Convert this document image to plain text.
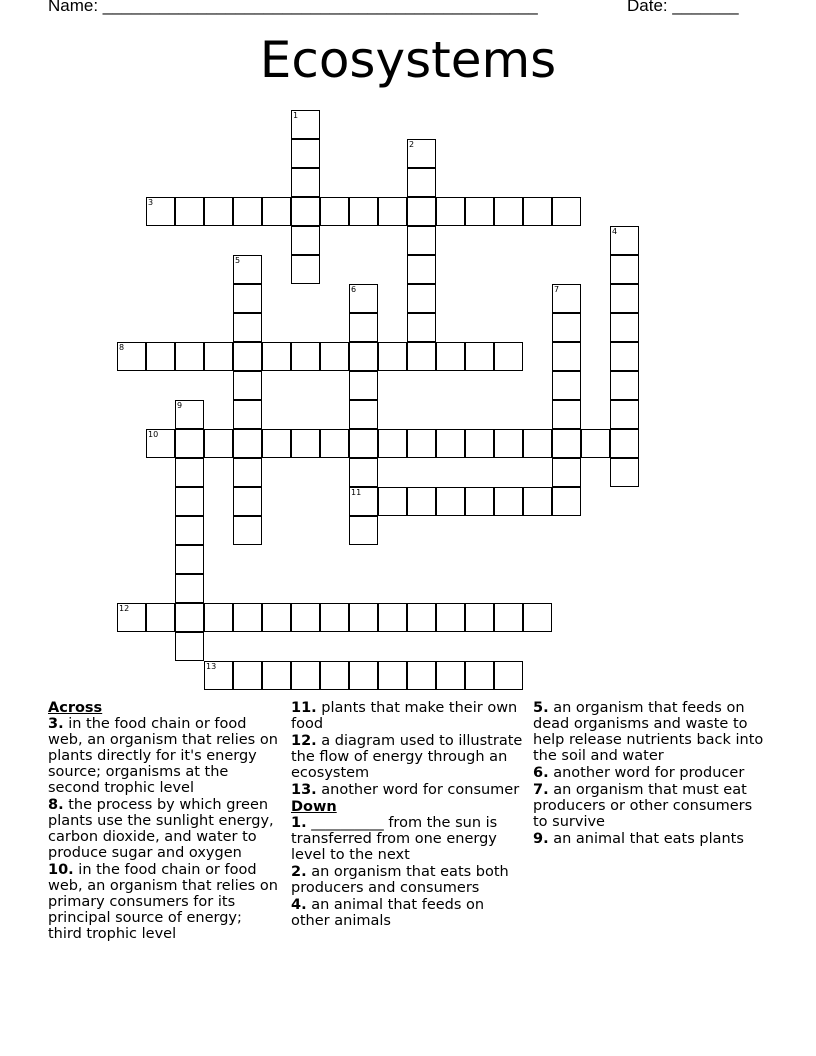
Name: ______________________________________________	Date: _______
Ecosystems
3
8
10
11
12
13
1
2
4
5
6	7
9
Across
3. in the food chain or food web, an organism that relies on plants directly for it's energy source; organisms at the second trophic level
8. the process by which green plants use the sunlight energy, carbon dioxide, and water to produce sugar and oxygen
10. in the food chain or food web, an organism that relies on primary consumers for its principal source of energy; third trophic level
11. plants that make their own food
12. a diagram used to illustrate the flow of energy through an ecosystem
13. another word for consumer
Down
1. __________ from the sun is transferred from one energy level to the next
2. an organism that eats both producers and consumers
4. an animal that feeds on other animals
5. an organism that feeds on dead organisms and waste to help release nutrients back into the soil and water
6. another word for producer
7. an organism that must eat producers or other consumers to survive
9. an animal that eats plants
